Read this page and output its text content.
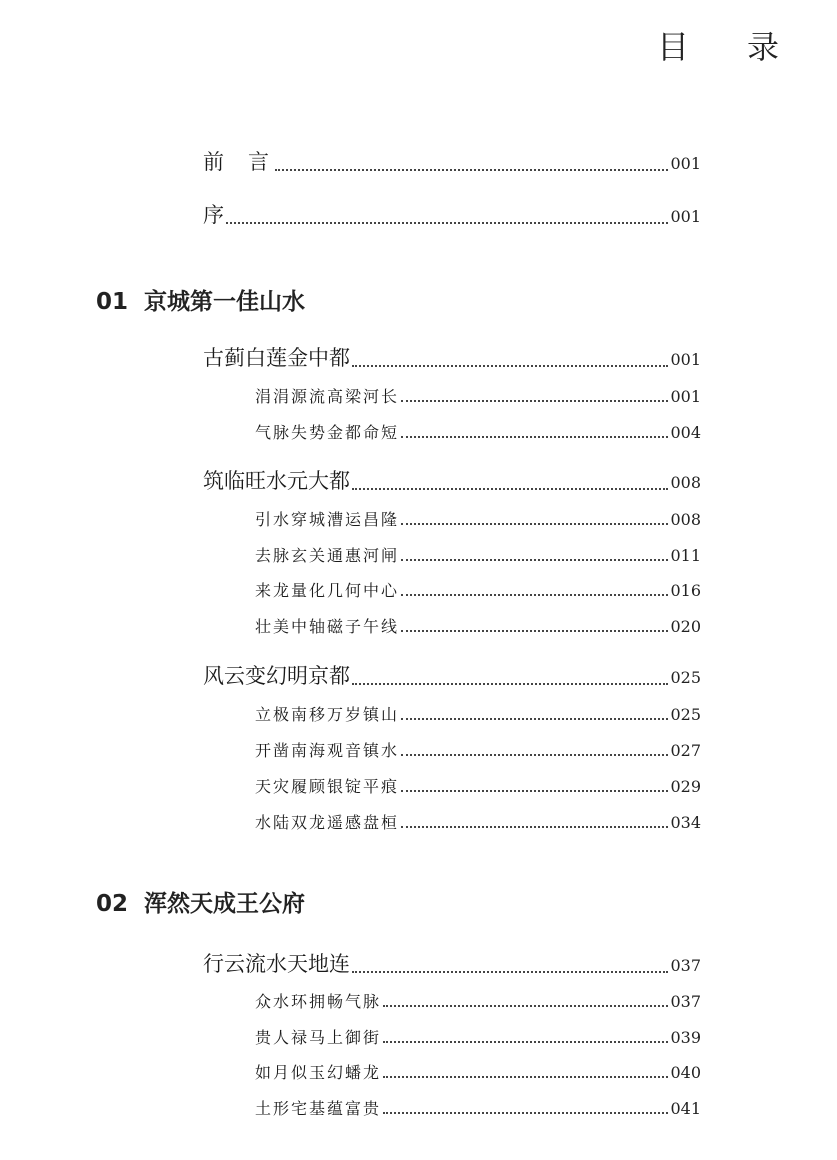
目录
前言	001
序	001
01 京城第一佳山水
古蓟白莲金中都	001
涓涓源流高梁河长	001
气脉失势金都命短	004
筑临旺水元大都	008
引水穿城漕运昌隆	008
去脉玄关通惠河闸	011
来龙量化几何中心	016
壮美中轴磁子午线	020
风云变幻明京都	025
立极南移万岁镇山	025
开凿南海观音镇水	027
天灾履顾银锭平痕	029
水陆双龙遥感盘桓	034
02 浑然天成王公府
行云流水天地连	037
众水环拥畅气脉	037
贵人禄马上御街	039
如月似玉幻蟠龙	040
土形宅基蕴富贵	041
